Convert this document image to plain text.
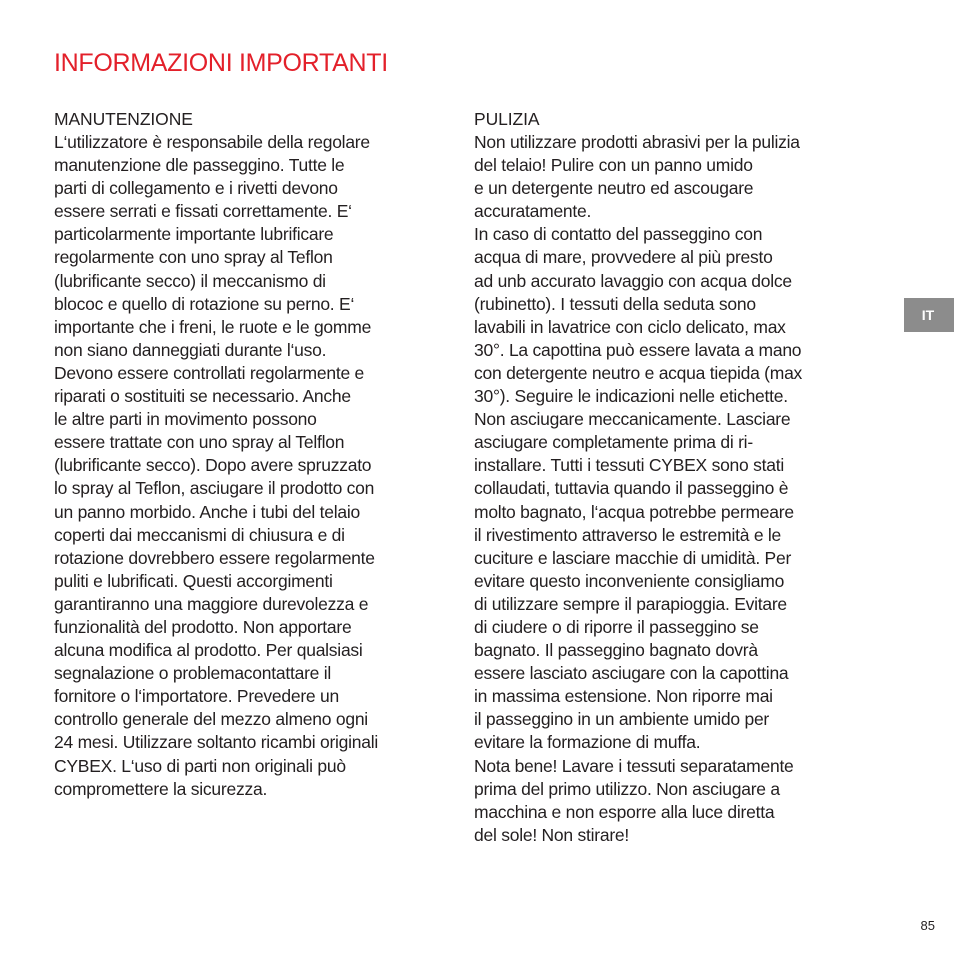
INFORMAZIONI IMPORTANTI
MANUTENZIONE

L‘utilizzatore è responsabile della regolare
manutenzione dle passeggino. Tutte le
parti di collegamento e i rivetti devono
essere serrati e fissati correttamente. E‘
particolarmente importante lubrificare
regolarmente con uno spray al Teflon
(lubrificante secco) il meccanismo di
blococ e quello di rotazione su perno. E‘
importante che i freni, le ruote e le gomme
non siano danneggiati durante l‘uso.
Devono essere controllati regolarmente e
riparati o sostituiti se necessario. Anche
le altre parti in movimento possono
essere trattate con uno spray al Telflon
(lubrificante secco). Dopo avere spruzzato
lo spray al Teflon, asciugare il prodotto con
un panno morbido. Anche i tubi del telaio
coperti dai meccanismi di chiusura e di
rotazione dovrebbero essere regolarmente
puliti e lubrificati. Questi accorgimenti
garantiranno una maggiore durevolezza e
funzionalità del prodotto. Non apportare
alcuna modifica al prodotto. Per qualsiasi
segnalazione o problemacontattare il
fornitore o l‘importatore. Prevedere un
controllo generale del mezzo almeno ogni
24 mesi. Utilizzare soltanto ricambi originali
CYBEX. L‘uso di parti non originali può
compromettere la sicurezza.

PULIZIA

Non utilizzare prodotti abrasivi per la pulizia
del telaio! Pulire con un panno umido
e un detergente neutro ed ascougare
accuratamente.
In caso di contatto del passeggino con
acqua di mare, provvedere al più presto
ad unb accurato lavaggio con acqua dolce
(rubinetto). I tessuti della seduta sono
lavabili in lavatrice con ciclo delicato, max
30°. La capottina può essere lavata a mano
con detergente neutro e acqua tiepida (max
30°). Seguire le indicazioni nelle etichette.
Non asciugare meccanicamente. Lasciare
asciugare completamente prima di ri-
installare. Tutti i tessuti CYBEX sono stati
collaudati, tuttavia quando il passeggino è
molto bagnato, l‘acqua potrebbe permeare
il rivestimento attraverso le estremità e le
cuciture e lasciare macchie di umidità. Per
evitare questo inconveniente consigliamo
di utilizzare sempre il parapioggia. Evitare
di ciudere o di riporre il passeggino se
bagnato. Il passeggino bagnato dovrà
essere lasciato asciugare con la capottina
in massima estensione. Non riporre mai
il passeggino in un ambiente umido per
evitare la formazione di muffa.
Nota bene! Lavare i tessuti separatamente
prima del primo utilizzo. Non asciugare a
macchina e non esporre alla luce diretta
del sole! Non stirare!

IT
85
